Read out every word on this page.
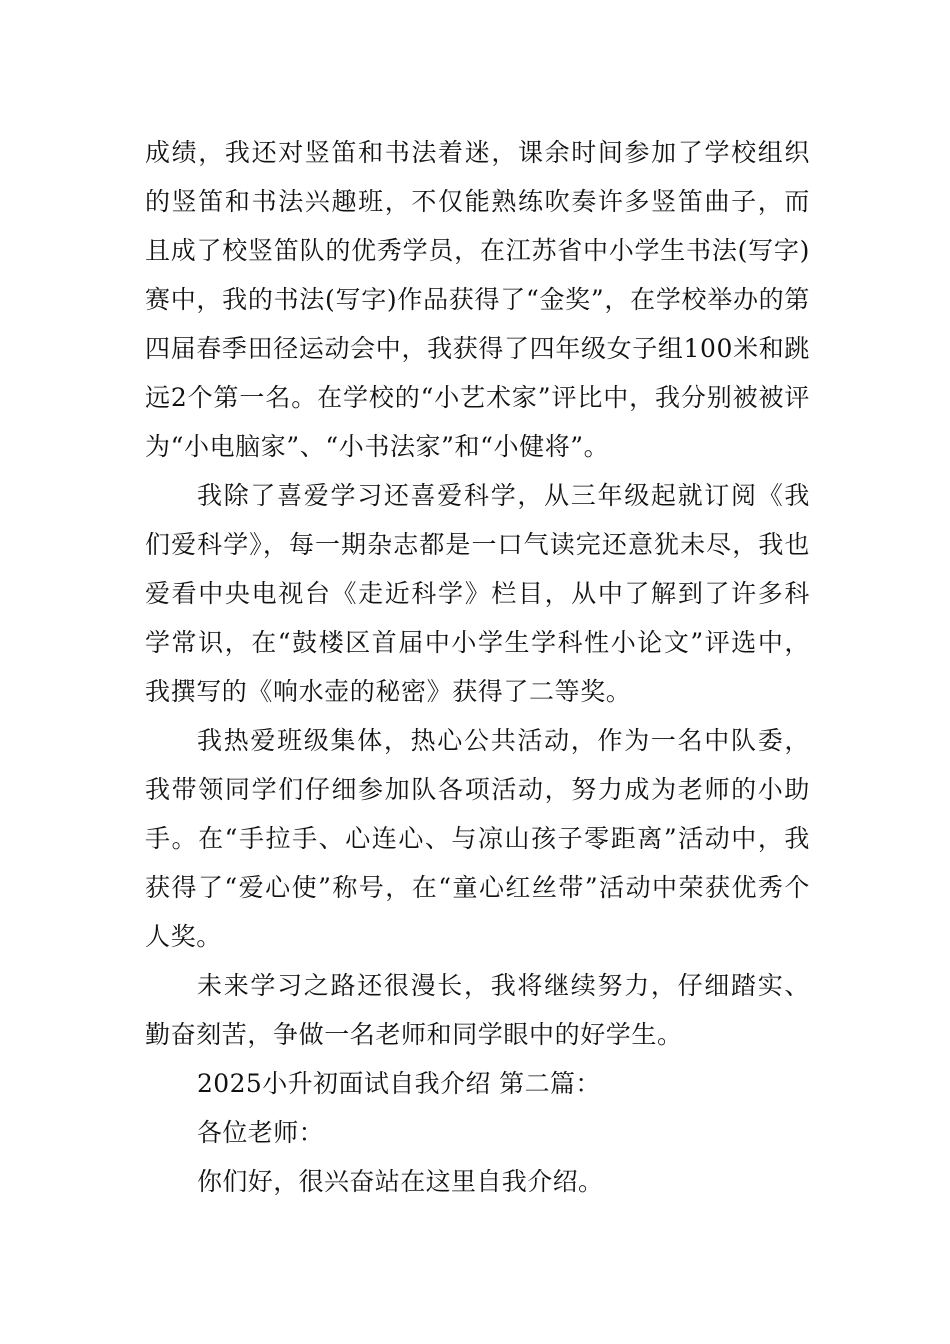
成绩，我还对竖笛和书法着迷，课余时间参加了学校组织的竖笛和书法兴趣班，不仅能熟练吹奏许多竖笛曲子，而且成了校竖笛队的优秀学员，在江苏省中小学生书法(写字)赛中，我的书法(写字)作品获得了“金奖”，在学校举办的第四届春季田径运动会中，我获得了四年级女子组100米和跳远2个第一名。在学校的“小艺术家”评比中，我分别被被评为“小电脑家”、“小书法家”和“小健将”。

我除了喜爱学习还喜爱科学，从三年级起就订阅《我们爱科学》，每一期杂志都是一口气读完还意犹未尽，我也爱看中央电视台《走近科学》栏目，从中了解到了许多科学常识，在“鼓楼区首届中小学生学科性小论文”评选中，我撰写的《响水壶的秘密》获得了二等奖。

我热爱班级集体，热心公共活动，作为一名中队委，我带领同学们仔细参加队各项活动，努力成为老师的小助手。在“手拉手、心连心、与凉山孩子零距离”活动中，我获得了“爱心使”称号，在“童心红丝带”活动中荣获优秀个人奖。

未来学习之路还很漫长，我将继续努力，仔细踏实、勤奋刻苦，争做一名老师和同学眼中的好学生。

2025小升初面试自我介绍 第二篇：

各位老师：

你们好，很兴奋站在这里自我介绍。
